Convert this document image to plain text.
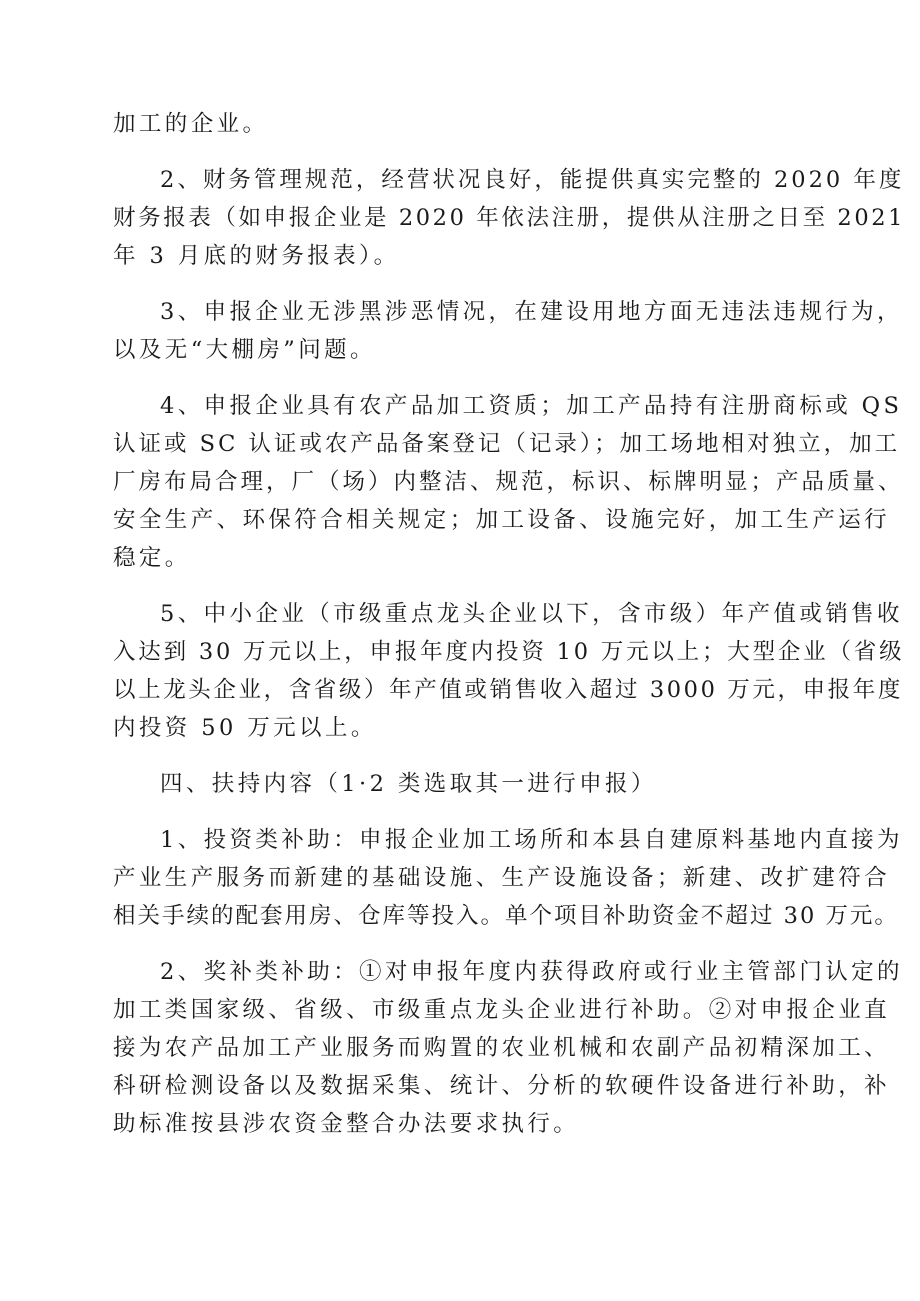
加工的企业。

2、财务管理规范，经营状况良好，能提供真实完整的 2020 年度

财务报表（如申报企业是 2020 年依法注册，提供从注册之日至 2021

年 3 月底的财务报表）。

3、申报企业无涉黑涉恶情况，在建设用地方面无违法违规行为，

以及无“大棚房”问题。

4、申报企业具有农产品加工资质；加工产品持有注册商标或 QS

认证或 SC 认证或农产品备案登记（记录）；加工场地相对独立，加工

厂房布局合理，厂（场）内整洁、规范，标识、标牌明显；产品质量、

安全生产、环保符合相关规定；加工设备、设施完好，加工生产运行

稳定。

5、中小企业（市级重点龙头企业以下，含市级）年产值或销售收

入达到 30 万元以上，申报年度内投资 10 万元以上；大型企业（省级

以上龙头企业，含省级）年产值或销售收入超过 3000 万元，申报年度

内投资 50 万元以上。

四、扶持内容（1·2 类选取其一进行申报）

1、投资类补助：申报企业加工场所和本县自建原料基地内直接为

产业生产服务而新建的基础设施、生产设施设备；新建、改扩建符合

相关手续的配套用房、仓库等投入。单个项目补助资金不超过 30 万元。

2、奖补类补助：①对申报年度内获得政府或行业主管部门认定的

加工类国家级、省级、市级重点龙头企业进行补助。②对申报企业直

接为农产品加工产业服务而购置的农业机械和农副产品初精深加工、

科研检测设备以及数据采集、统计、分析的软硬件设备进行补助，补

助标准按县涉农资金整合办法要求执行。
